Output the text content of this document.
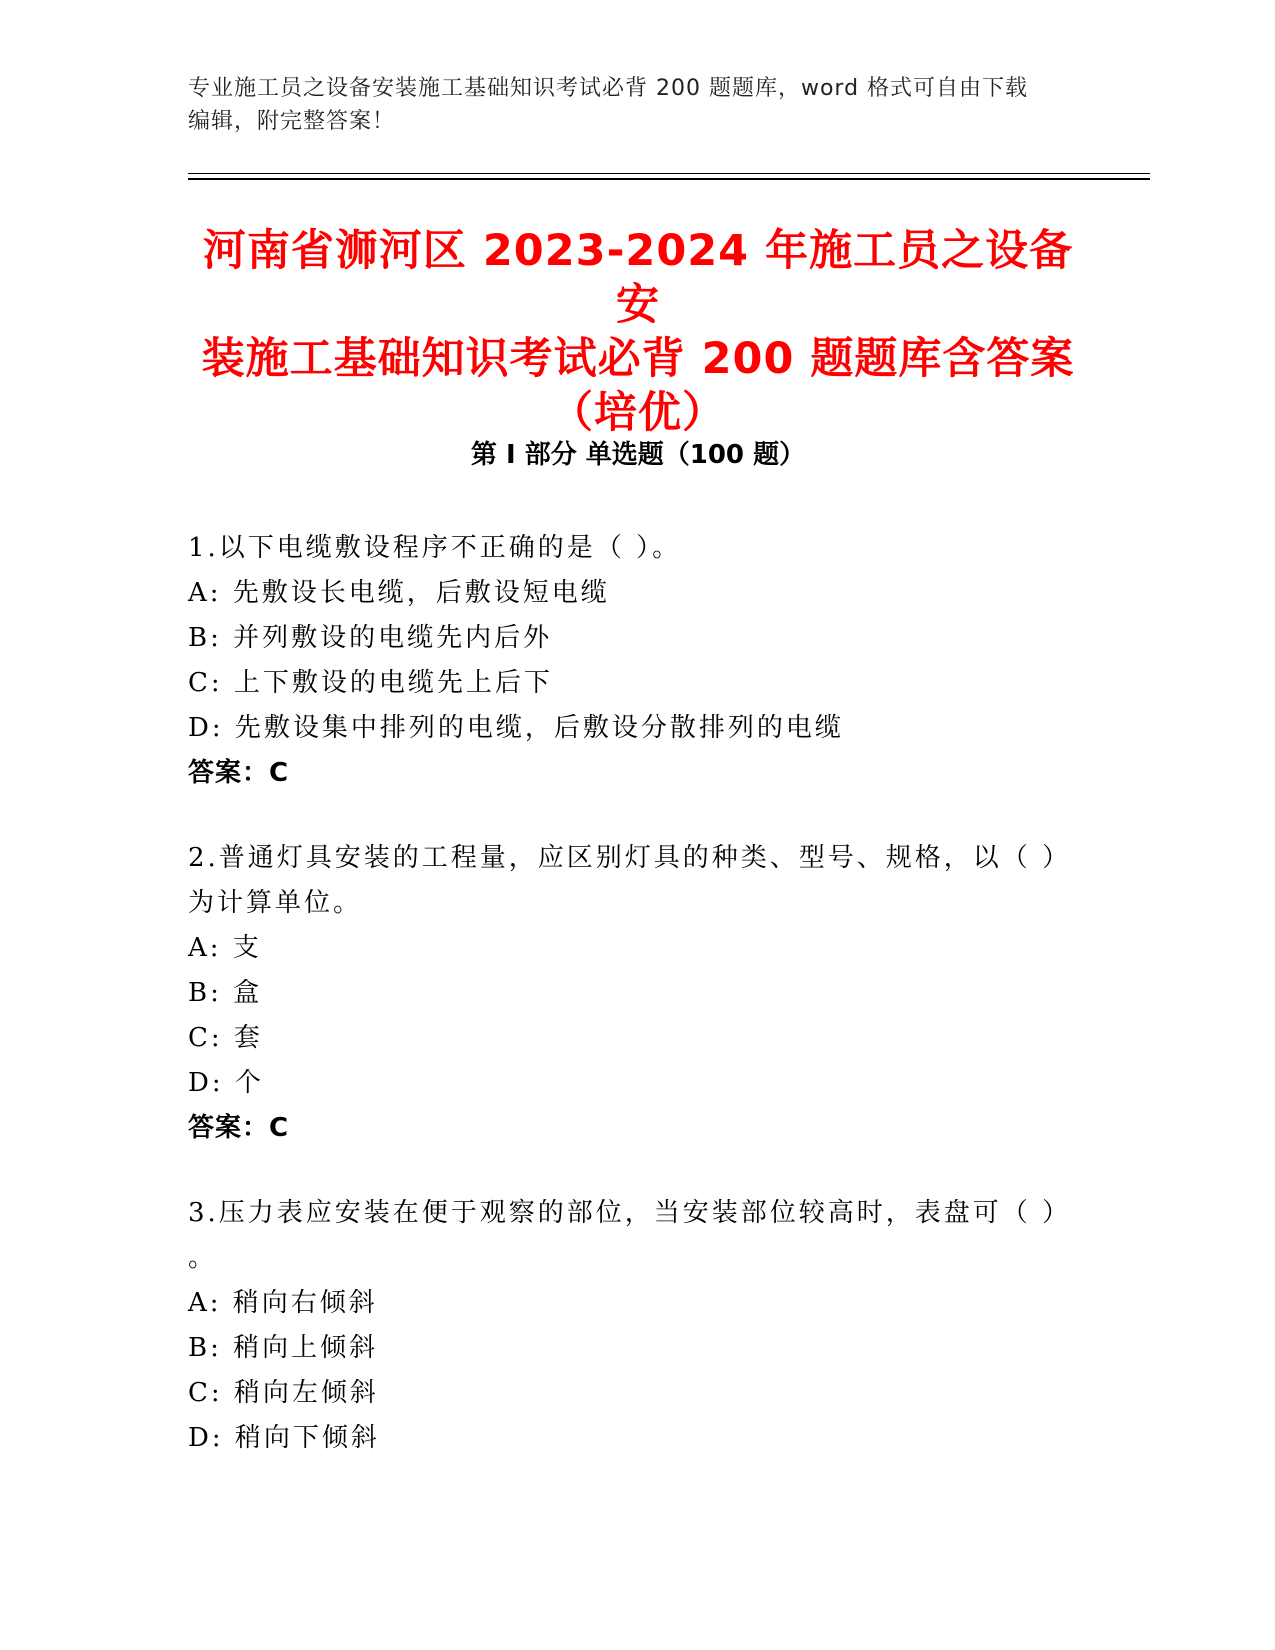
专业施工员之设备安装施工基础知识考试必背 200 题题库，word 格式可自由下载
编辑，附完整答案！
河南省浉河区 2023-2024 年施工员之设备安
装施工基础知识考试必背 200 题题库含答案
（培优）
第 I 部分 单选题（100 题）
1.以下电缆敷设程序不正确的是（ ）。
A: 先敷设长电缆，后敷设短电缆
B: 并列敷设的电缆先内后外
C: 上下敷设的电缆先上后下
D: 先敷设集中排列的电缆，后敷设分散排列的电缆
答案：C
2.普通灯具安装的工程量，应区别灯具的种类、型号、规格，以（ ）
为计算单位。
A: 支
B: 盒
C: 套
D: 个
答案：C
3.压力表应安装在便于观察的部位，当安装部位较高时，表盘可（ ）
。
A: 稍向右倾斜
B: 稍向上倾斜
C: 稍向左倾斜
D: 稍向下倾斜
